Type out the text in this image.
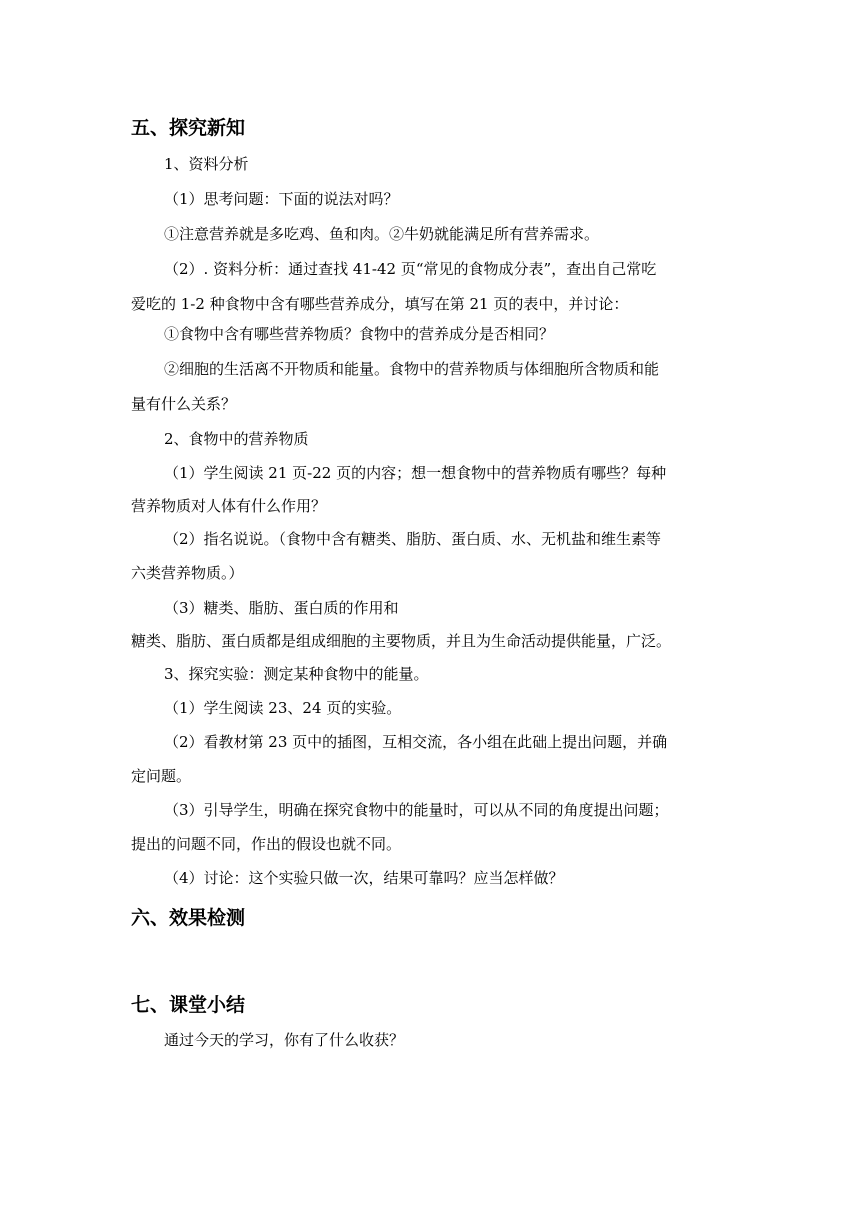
五、探究新知
1、资料分析
（1）思考问题：下面的说法对吗？
①注意营养就是多吃鸡、鱼和肉。②牛奶就能满足所有营养需求。
（2）. 资料分析：通过查找 41-42 页“常见的食物成分表”，查出自己常吃
爱吃的 1-2 种食物中含有哪些营养成分，填写在第 21 页的表中，并讨论：
①食物中含有哪些营养物质？食物中的营养成分是否相同？
②细胞的生活离不开物质和能量。食物中的营养物质与体细胞所含物质和能
量有什么关系？
2、食物中的营养物质
（1）学生阅读 21 页-22 页的内容；想一想食物中的营养物质有哪些？每种
营养物质对人体有什么作用？
（2）指名说说。（食物中含有糖类、脂肪、蛋白质、水、无机盐和维生素等
六类营养物质。）
（3）糖类、脂肪、蛋白质的作用和
糖类、脂肪、蛋白质都是组成细胞的主要物质，并且为生命活动提供能量，广泛。
3、探究实验：测定某种食物中的能量。
（1）学生阅读 23、24 页的实验。
（2）看教材第 23 页中的插图，互相交流，各小组在此础上提出问题，并确
定问题。
（3）引导学生，明确在探究食物中的能量时，可以从不同的角度提出问题；
提出的问题不同，作出的假设也就不同。
（4）讨论：这个实验只做一次，结果可靠吗？应当怎样做？
六、效果检测
七、课堂小结
通过今天的学习，你有了什么收获？
